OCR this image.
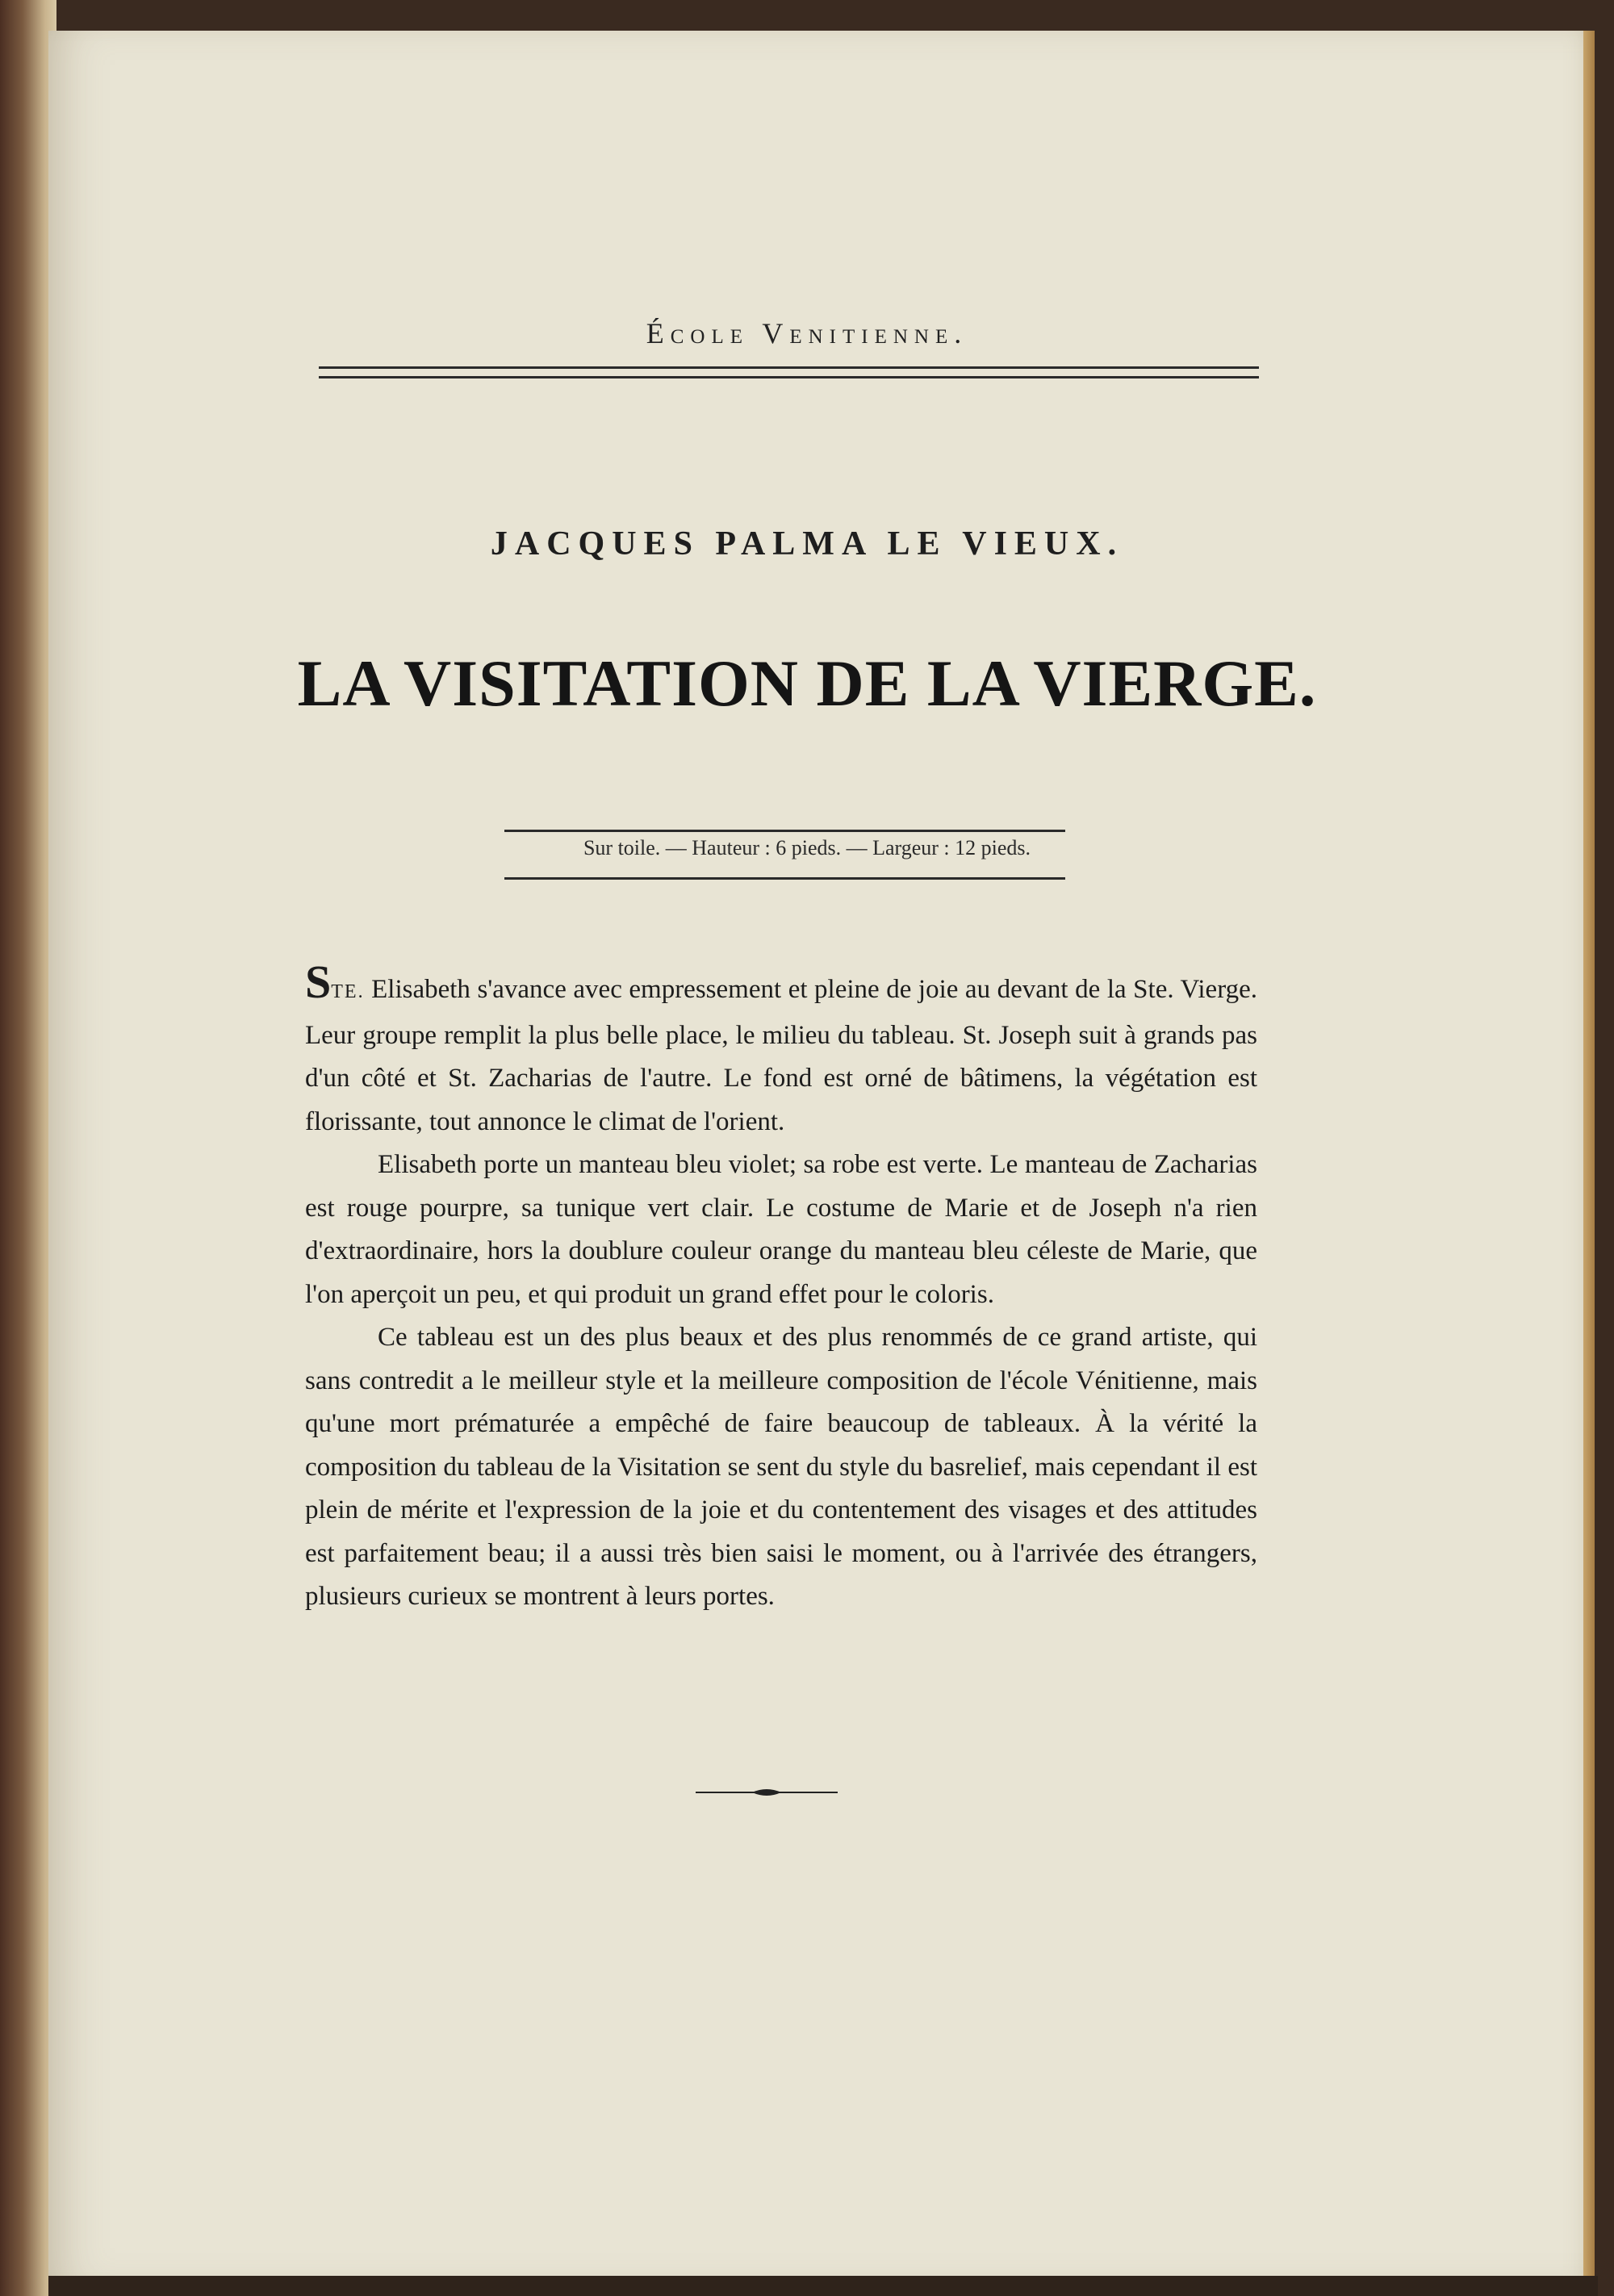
École Venitienne.
JACQUES PALMA LE VIEUX.
LA VISITATION DE LA VIERGE.
Sur toile. — Hauteur : 6 pieds. — Largeur : 12 pieds.

STE. Elisabeth s'avance avec empressement et pleine de joie au devant de la Ste. Vierge. Leur groupe remplit la plus belle place, le milieu du tableau. St. Joseph suit à grands pas d'un côté et St. Zacharias de l'autre. Le fond est orné de bâtimens, la végétation est florissante, tout annonce le climat de l'orient.

Elisabeth porte un manteau bleu violet; sa robe est verte. Le manteau de Zacharias est rouge pourpre, sa tunique vert clair. Le costume de Marie et de Joseph n'a rien d'extraordinaire, hors la doublure couleur orange du manteau bleu céleste de Marie, que l'on aperçoit un peu, et qui produit un grand effet pour le coloris.

Ce tableau est un des plus beaux et des plus renommés de ce grand artiste, qui sans contredit a le meilleur style et la meilleure composition de l'école Vénitienne, mais qu'une mort prématurée a empêché de faire beaucoup de tableaux. À la vérité la composition du tableau de la Visitation se sent du style du basrelief, mais cependant il est plein de mérite et l'expression de la joie et du contentement des visages et des attitudes est parfaitement beau; il a aussi très bien saisi le moment, ou à l'arrivée des étrangers, plusieurs curieux se montrent à leurs portes.
